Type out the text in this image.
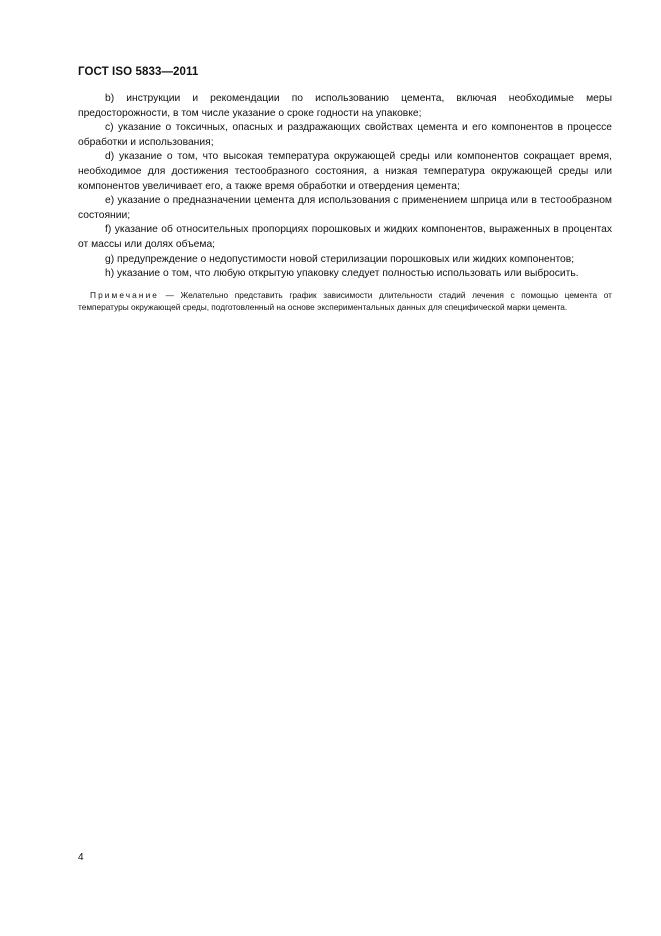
ГОСТ ISO 5833—2011

b) инструкции и рекомендации по использованию цемента, включая необходимые меры предосторожности, в том числе указание о сроке годности на упаковке;

c) указание о токсичных, опасных и раздражающих свойствах цемента и его компонентов в процессе обработки и использования;

d) указание о том, что высокая температура окружающей среды или компонентов сокращает время, необходимое для достижения тестообразного состояния, а низкая температура окружающей среды или компонентов увеличивает его, а также время обработки и отвердения цемента;

e) указание о предназначении цемента для использования с применением шприца или в тестообразном состоянии;

f) указание об относительных пропорциях порошковых и жидких компонентов, выраженных в процентах от массы или долях объема;

g) предупреждение о недопустимости новой стерилизации порошковых или жидких компонентов;

h) указание о том, что любую открытую упаковку следует полностью использовать или выбросить.

Примечание — Желательно представить график зависимости длительности стадий лечения с помощью цемента от температуры окружающей среды, подготовленный на основе экспериментальных данных для специфической марки цемента.

4
